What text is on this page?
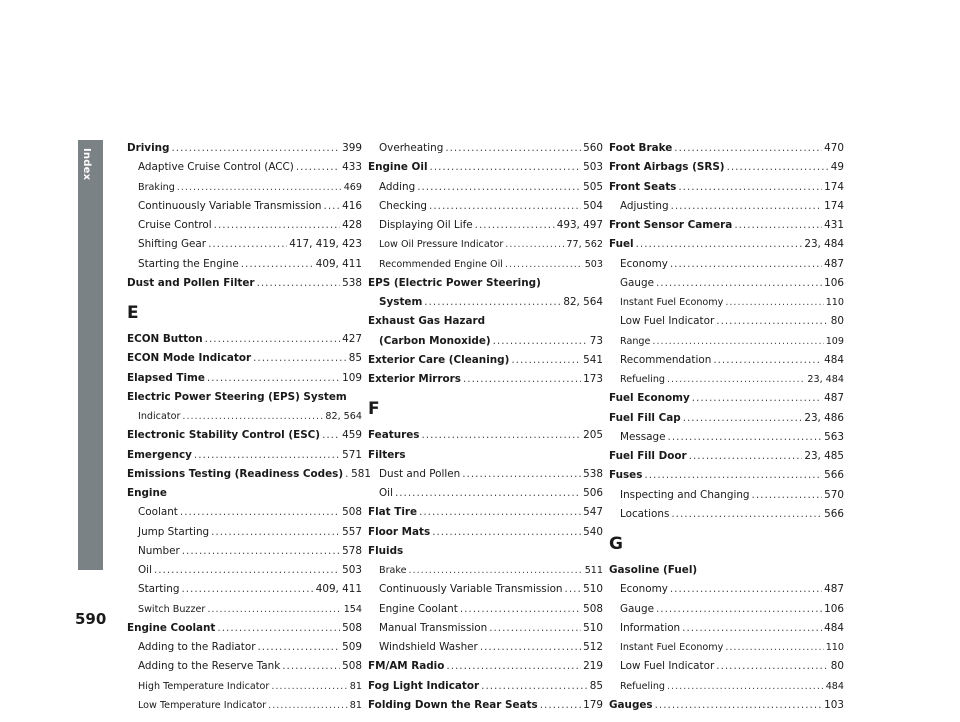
Index	Driving .....	399
Adaptive Cruise Control (ACC) .....	433
Braking .....	469
Continuously Variable Transmission ..... 416
Cruise Control .....	428
Shifting Gear .....	417, 419, 423
Starting the Engine .....	409, 411
Dust and Pollen Filter .....	538
E
ECON Button .....	427
ECON Mode Indicator .....	85
Elapsed Time .....	109
Electric Power Steering (EPS) System
Indicator .....	82, 564
Electronic Stability Control (ESC) ..... 459
Emergency .....	571
Emissions Testing (Readiness Codes) ..... 581
Engine
Coolant .....	508
Jump Starting .....	557
Number .....	578
Oil .....	503
Starting .....	409, 411
Switch Buzzer .....	154
Engine Coolant .....	508
Adding to the Radiator .....	509
Adding to the Reserve Tank .....	508
High Temperature Indicator .....	81
Low Temperature Indicator .....	81
Overheating .....	560
Engine Oil .....	503
Adding .....	505
Checking .....	504
Displaying Oil Life .....	493, 497
Low Oil Pressure Indicator .....	77, 562
Recommended Engine Oil .....	503
EPS (Electric Power Steering)
System .....	82, 564
Exhaust Gas Hazard
(Carbon Monoxide) .....	73
Exterior Care (Cleaning) .....	541
Exterior Mirrors .....	173
F
Features .....	205
Filters
Dust and Pollen .....	538
Oil .....	506
Flat Tire .....	547
Floor Mats .....	540
Fluids
Brake .....	511
Continuously Variable Transmission ..... 510
Engine Coolant .....	508
Manual Transmission .....	510
Windshield Washer .....	512
FM/AM Radio .....	219
Fog Light Indicator .....	85
Folding Down the Rear Seats .....	179
Foot Brake .....	470
Front Airbags (SRS) .....	49
Front Seats .....	174
Adjusting .....	174
Front Sensor Camera .....	431
Fuel .....	23, 484
Economy .....	487
Gauge .....	106
Instant Fuel Economy .....	110
Low Fuel Indicator .....	80
Range .....	109
Recommendation .....	484
Refueling .....	23, 484
Fuel Economy .....	487
Fuel Fill Cap .....	23, 486
Message .....	563
Fuel Fill Door .....	23, 485
Fuses .....	566
Inspecting and Changing .....	570
Locations .....	566
G
Gasoline (Fuel)
Economy .....	487
Gauge .....	106
Information .....	484
Instant Fuel Economy .....	110
Low Fuel Indicator .....	80
Refueling .....	484
Gauges .....	103
590
